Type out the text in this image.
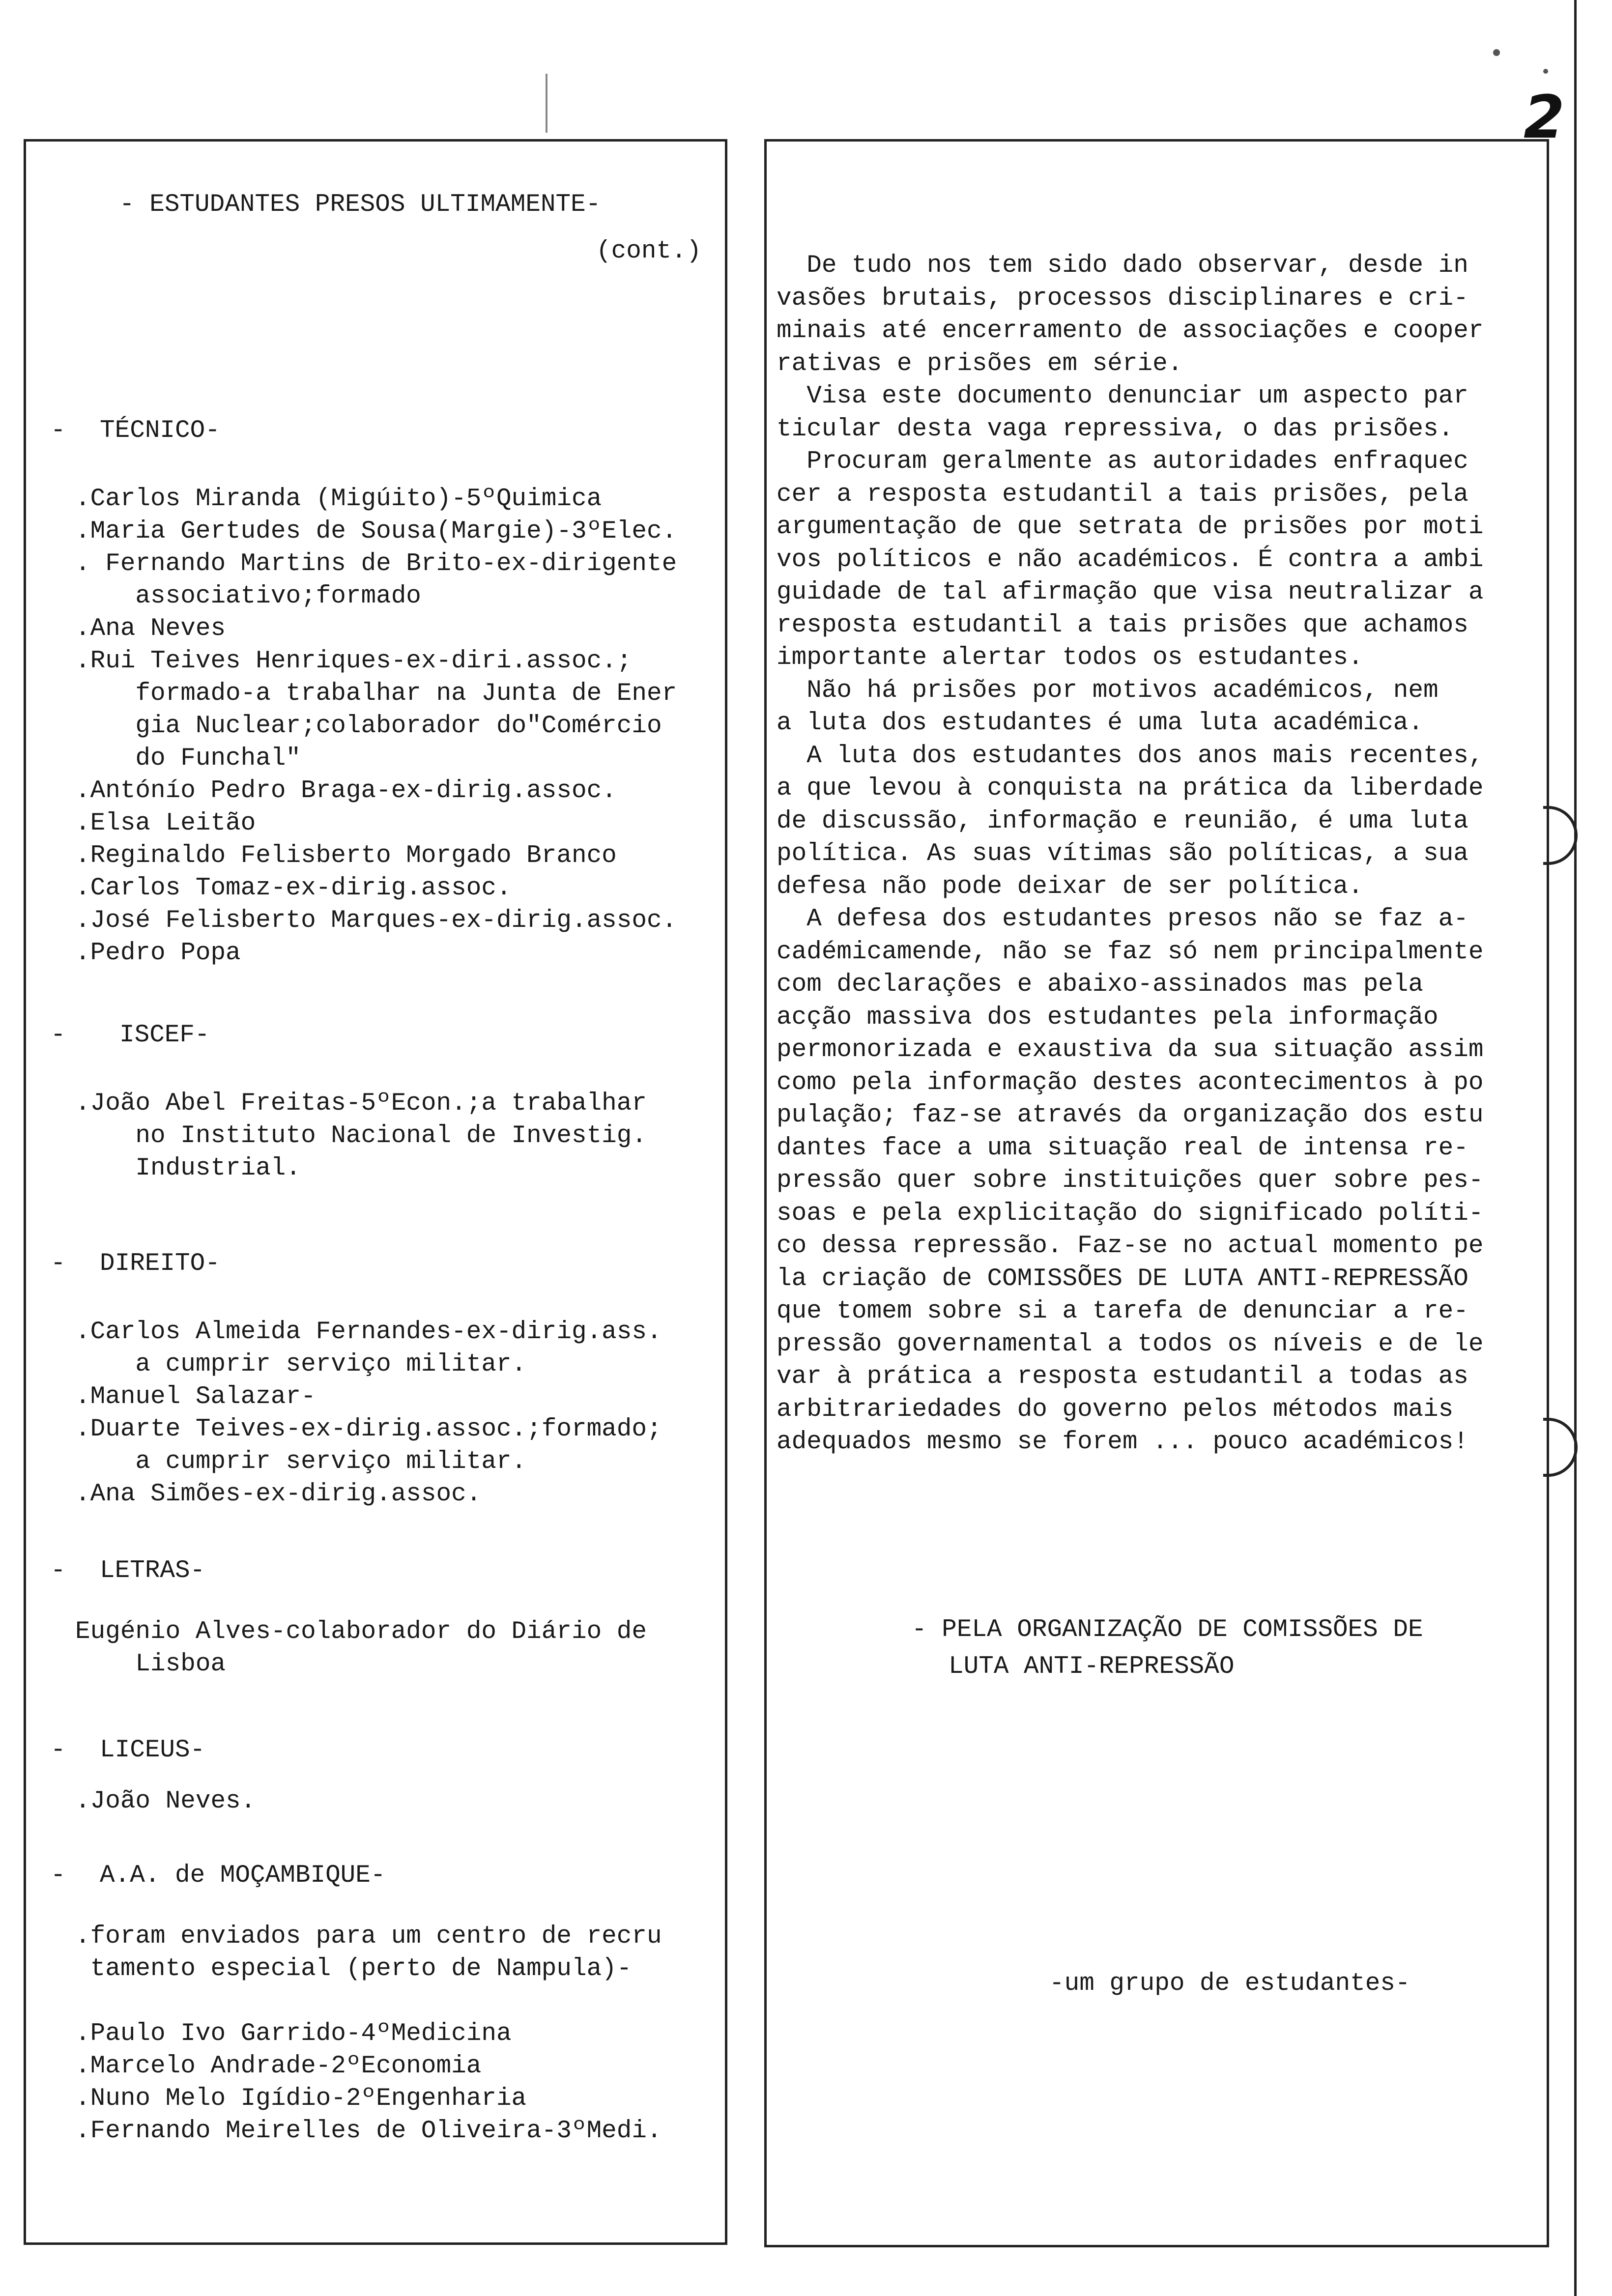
2
- ESTUDANTES PRESOS ULTIMAMENTE-
(cont.)
- TÉCNICO-
.Carlos Miranda (Migúito)-5ºQuimica
.Maria Gertudes de Sousa(Margie)-3ºElec.
. Fernando Martins de Brito-ex-dirigente
associativo;formado
.Ana Neves
.Rui Teives Henriques-ex-diri.assoc.;
formado-a trabalhar na Junta de Ener
gia Nuclear;colaborador do"Comércio
do Funchal"
.Antónío Pedro Braga-ex-dirig.assoc.
.Elsa Leitão
.Reginaldo Felisberto Morgado Branco
.Carlos Tomaz-ex-dirig.assoc.
.José Felisberto Marques-ex-dirig.assoc.
.Pedro Popa
- ISCEF-
.João Abel Freitas-5ºEcon.;a trabalhar
no Instituto Nacional de Investig.
Industrial.
- DIREITO-
.Carlos Almeida Fernandes-ex-dirig.ass.
a cumprir serviço militar.
.Manuel Salazar-
.Duarte Teives-ex-dirig.assoc.;formado;
a cumprir serviço militar.
.Ana Simões-ex-dirig.assoc.
- LETRAS-
Eugénio Alves-colaborador do Diário de
Lisboa
- LICEUS-
.João Neves.
- A.A. de MOÇAMBIQUE-
.foram enviados para um centro de recru
tamento especial (perto de Nampula)-
.Paulo Ivo Garrido-4ºMedicina
.Marcelo Andrade-2ºEconomia
.Nuno Melo Igídio-2ºEngenharia
.Fernando Meirelles de Oliveira-3ºMedi.
De tudo nos tem sido dado observar, desde in
vasões brutais, processos disciplinares e cri-
minais até encerramento de associações e cooper
rativas e prisões em série.
Visa este documento denunciar um aspecto par
ticular desta vaga repressiva, o das prisões.
Procuram geralmente as autoridades enfraquec
cer a resposta estudantil a tais prisões, pela
argumentação de que setrata de prisões por moti
vos políticos e não académicos. É contra a ambi
guidade de tal afirmação que visa neutralizar a
resposta estudantil a tais prisões que achamos
importante alertar todos os estudantes.
Não há prisões por motivos académicos, nem
a luta dos estudantes é uma luta académica.
A luta dos estudantes dos anos mais recentes,
a que levou à conquista na prática da liberdade
de discussão, informação e reunião, é uma luta
política. As suas vítimas são políticas, a sua
defesa não pode deixar de ser política.
A defesa dos estudantes presos não se faz a-
cadémicamende, não se faz só nem principalmente
com declarações e abaixo-assinados mas pela
acção massiva dos estudantes pela informação
permonorizada e exaustiva da sua situação assim
como pela informação destes acontecimentos à po
pulação; faz-se através da organização dos estu
dantes face a uma situação real de intensa re-
pressão quer sobre instituições quer sobre pes-
soas e pela explicitação do significado políti-
co dessa repressão. Faz-se no actual momento pe
la criação de COMISSÕES DE LUTA ANTI-REPRESSÃO
que tomem sobre si a tarefa de denunciar a re-
pressão governamental a todos os níveis e de le
var à prática a resposta estudantil a todas as
arbitrariedades do governo pelos métodos mais
adequados mesmo se forem ... pouco académicos!
- PELA ORGANIZAÇÃO DE COMISSÕES DE
LUTA ANTI-REPRESSÃO
-um grupo de estudantes-
